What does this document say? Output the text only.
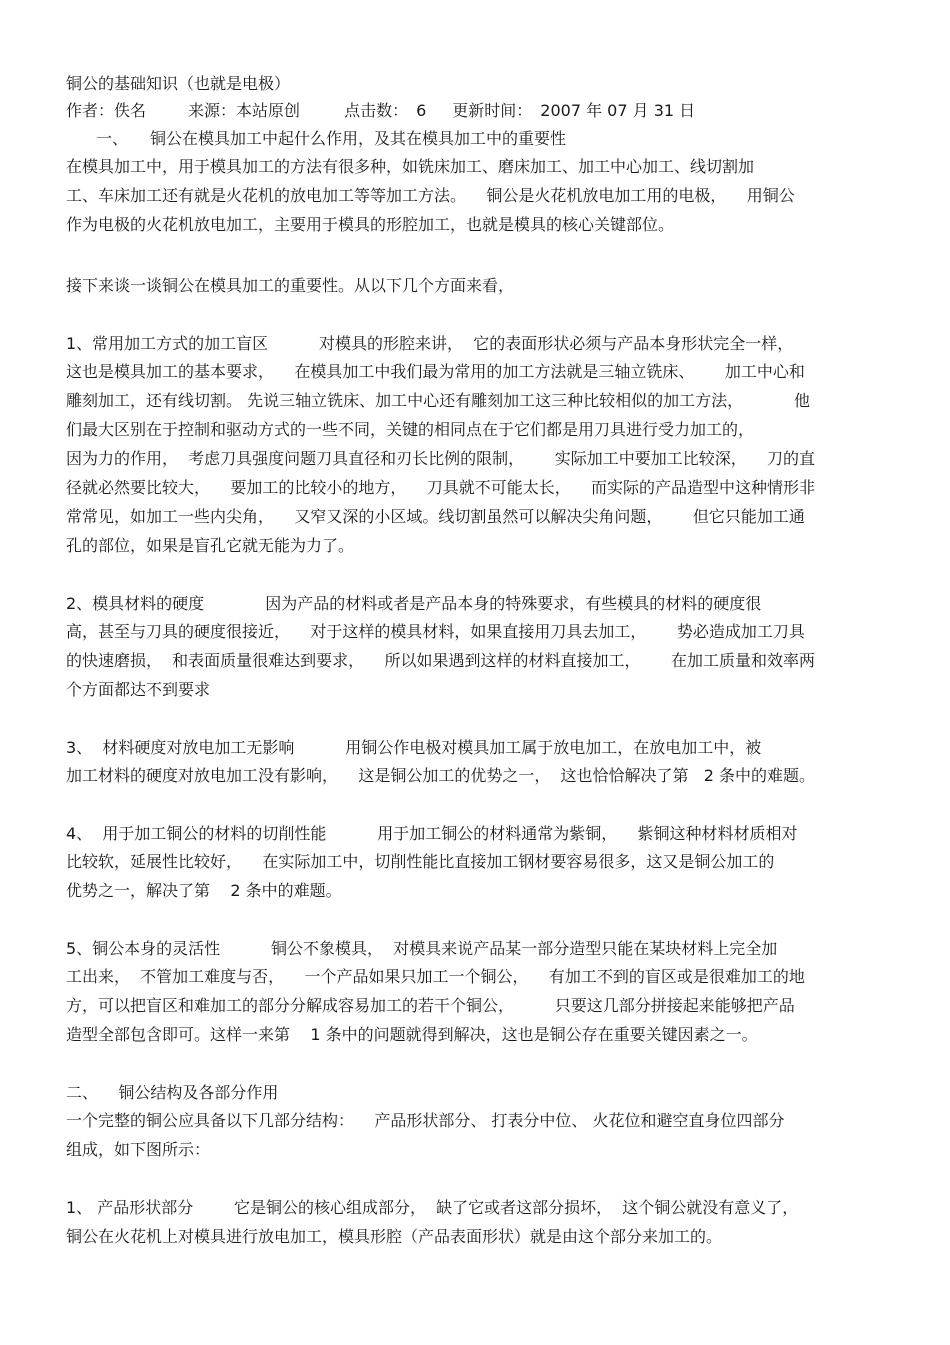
铜公的基础知识（也就是电极）
作者：佚名	来源：本站原创	点击数： 6 更新时间： 2007 年 07 月 31 日
一、 铜公在模具加工中起什么作用，及其在模具加工中的重要性
在模具加工中，用于模具加工的方法有很多种，如铣床加工、磨床加工、加工中心加工、线切割加
工、车床加工还有就是火花机的放电加工等等加工方法。    铜公是火花机放电加工用的电极，    用铜公
作为电极的火花机放电加工，主要用于模具的形腔加工，也就是模具的核心关键部位。
接下来谈一谈铜公在模具加工的重要性。从以下几个方面来看，
1、常用加工方式的加工盲区          对模具的形腔来讲，  它的表面形状必须与产品本身形状完全一样，
这也是模具加工的基本要求，    在模具加工中我们最为常用的加工方法就是三轴立铣床、      加工中心和
雕刻加工，还有线切割。 先说三轴立铣床、加工中心还有雕刻加工这三种比较相似的加工方法，          他
们最大区别在于控制和驱动方式的一些不同，关键的相同点在于它们都是用刀具进行受力加工的，
因为力的作用，  考虑刀具强度问题刀具直径和刃长比例的限制，      实际加工中要加工比较深，    刀的直
径就必然要比较大，    要加工的比较小的地方，    刀具就不可能太长，    而实际的产品造型中这种情形非
常常见，如加工一些内尖角，    又窄又深的小区域。线切割虽然可以解决尖角问题，      但它只能加工通
孔的部位，如果是盲孔它就无能为力了。
2、模具材料的硬度            因为产品的材料或者是产品本身的特殊要求，有些模具的材料的硬度很
高，甚至与刀具的硬度很接近，    对于这样的模具材料，如果直接用刀具去加工，      势必造成加工刀具
的快速磨损，  和表面质量很难达到要求，    所以如果遇到这样的材料直接加工，      在加工质量和效率两
个方面都达不到要求
3、  材料硬度对放电加工无影响          用铜公作电极对模具加工属于放电加工，在放电加工中，被
加工材料的硬度对放电加工没有影响，    这是铜公加工的优势之一，  这也恰恰解决了第   2 条中的难题。
4、  用于加工铜公的材料的切削性能          用于加工铜公的材料通常为紫铜，    紫铜这种材料材质相对
比较软，延展性比较好，    在实际加工中，切削性能比直接加工钢材要容易很多，这又是铜公加工的
优势之一，解决了第    2 条中的难题。
5、铜公本身的灵活性          铜公不象模具，  对模具来说产品某一部分造型只能在某块材料上完全加
工出来，  不管加工难度与否，    一个产品如果只加工一个铜公，    有加工不到的盲区或是很难加工的地
方，可以把盲区和难加工的部分分解成容易加工的若干个铜公，        只要这几部分拼接起来能够把产品
造型全部包含即可。这样一来第    1 条中的问题就得到解决，这也是铜公存在重要关键因素之一。
二、    铜公结构及各部分作用
一个完整的铜公应具备以下几部分结构：    产品形状部分、 打表分中位、 火花位和避空直身位四部分
组成，如下图所示：
1、 产品形状部分        它是铜公的核心组成部分，  缺了它或者这部分损坏，  这个铜公就没有意义了，
铜公在火花机上对模具进行放电加工，模具形腔（产品表面形状）就是由这个部分来加工的。
